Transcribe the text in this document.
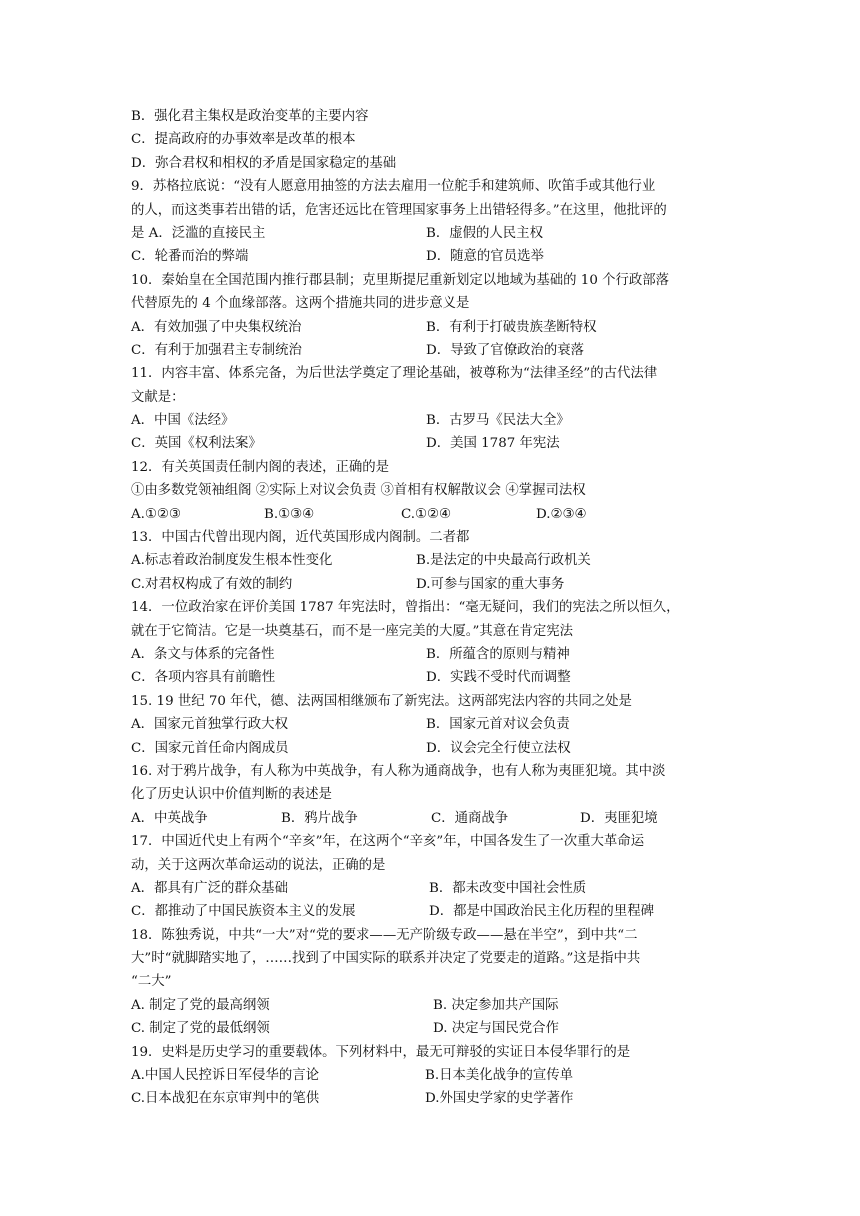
B．强化君主集权是政治变革的主要内容
C．提高政府的办事效率是改革的根本
D．弥合君权和相权的矛盾是国家稳定的基础
9．苏格拉底说：“没有人愿意用抽签的方法去雇用一位舵手和建筑师、吹笛手或其他行业
的人，而这类事若出错的话，危害还远比在管理国家事务上出错轻得多。”在这里，他批评的
是 A．泛滥的直接民主	B．虚假的人民主权
C．轮番而治的弊端	D．随意的官员选举
10．秦始皇在全国范围内推行郡县制；克里斯提尼重新划定以地域为基础的 10 个行政部落
代替原先的 4 个血缘部落。这两个措施共同的进步意义是
A．有效加强了中央集权统治	B．有利于打破贵族垄断特权
C．有利于加强君主专制统治	D．导致了官僚政治的衰落
11．内容丰富、体系完备，为后世法学奠定了理论基础，被尊称为“法律圣经”的古代法律
文献是：
A．中国《法经》	B．古罗马《民法大全》
C．英国《权利法案》	D．美国 1787 年宪法
12．有关英国责任制内阁的表述，正确的是
①由多数党领袖组阁 ②实际上对议会负责 ③首相有权解散议会 ④掌握司法权
A.①②③	B.①③④	C.①②④	D.②③④
13．中国古代曾出现内阁，近代英国形成内阁制。二者都
A.标志着政治制度发生根本性变化	B.是法定的中央最高行政机关
C.对君权构成了有效的制约	D.可参与国家的重大事务
14．一位政治家在评价美国 1787 年宪法时，曾指出：“毫无疑问，我们的宪法之所以恒久，
就在于它简洁。它是一块奠基石，而不是一座完美的大厦。”其意在肯定宪法
A．条文与体系的完备性	B．所蕴含的原则与精神
C．各项内容具有前瞻性	D．实践不受时代而调整
15. 19 世纪 70 年代，德、法两国相继颁布了新宪法。这两部宪法内容的共同之处是
A．国家元首独掌行政大权	B．国家元首对议会负责
C．国家元首任命内阁成员	D．议会完全行使立法权
16. 对于鸦片战争，有人称为中英战争，有人称为通商战争，也有人称为夷匪犯境。其中淡
化了历史认识中价值判断的表述是
A．中英战争	B．鸦片战争	C．通商战争	D．夷匪犯境
17．中国近代史上有两个“辛亥”年，在这两个“辛亥”年，中国各发生了一次重大革命运
动，关于这两次革命运动的说法，正确的是
A．都具有广泛的群众基础	B．都未改变中国社会性质
C．都推动了中国民族资本主义的发展	D．都是中国政治民主化历程的里程碑
18．陈独秀说，中共“一大”对“党的要求——无产阶级专政——悬在半空”，到中共“二
大”时“就脚踏实地了，……找到了中国实际的联系并决定了党要走的道路。”这是指中共
“二大”
A. 制定了党的最高纲领	B. 决定参加共产国际
C. 制定了党的最低纲领	D. 决定与国民党合作
19．史料是历史学习的重要载体。下列材料中，最无可辩驳的实证日本侵华罪行的是
A.中国人民控诉日军侵华的言论	B.日本美化战争的宣传单
C.日本战犯在东京审判中的笔供	D.外国史学家的史学著作
